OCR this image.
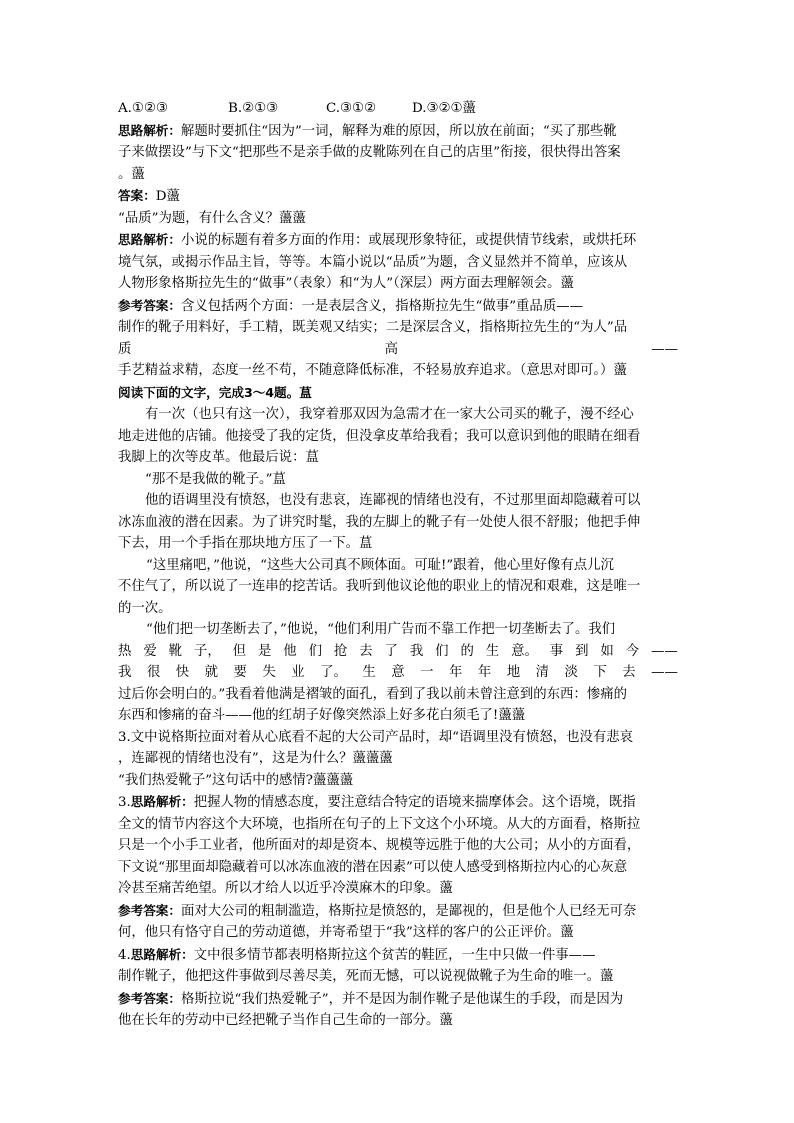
A.①②③	B.②①③	C.③①②	D.③②①蘯

思路解析：解题时要抓住“因为”一词，解释为难的原因，所以放在前面；“买了那些靴

子来做摆设”与下文“把那些不是亲手做的皮靴陈列在自己的店里”衔接，很快得出答案

。蘯

答案：D蘯

“品质”为题，有什么含义？蘯蘯

思路解析：小说的标题有着多方面的作用：或展现形象特征，或提供情节线索，或烘托环

境气氛，或揭示作品主旨，等等。本篇小说以“品质”为题，含义显然并不简单，应该从

人物形象格斯拉先生的“做事”（表象）和“为人”（深层）两方面去理解领会。蘯

参考答案：含义包括两个方面：一是表层含义，指格斯拉先生“做事”重品质——

制作的靴子用料好，手工精，既美观又结实；二是深层含义，指格斯拉先生的“为人”品

质	高	——

手艺精益求精，态度一丝不苟，不随意降低标准，不轻易放弃追求。（意思对即可。）蘯

阅读下面的文字，完成3～4题。蒀

有一次（也只有这一次），我穿着那双因为急需才在一家大公司买的靴子，漫不经心

地走进他的店铺。他接受了我的定货，但没拿皮革给我看；我可以意识到他的眼睛在细看

我脚上的次等皮革。他最后说：蒀

“那不是我做的靴子。”蒀

他的语调里没有愤怒，也没有悲哀，连鄙视的情绪也没有，不过那里面却隐藏着可以

冰冻血液的潜在因素。为了讲究时髦，我的左脚上的靴子有一处使人很不舒服；他把手伸

下去，用一个手指在那块地方压了一下。蒀

“这里痛吧，”他说，“这些大公司真不顾体面。可耻!”跟着，他心里好像有点儿沉

不住气了，所以说了一连串的挖苦话。我听到他议论他的职业上的情况和艰难，这是唯一

的一次。

“他们把一切垄断去了，”他说，“他们利用广告而不靠工作把一切垄断去了。我们

热 爱 靴 子， 但 是 他 们 抢 去 了 我 们 的 生 意。 事 到 如 今 ——

我 很 快 就 要 失 业 了。 生 意 一 年 年 地 清 淡 下 去 ——

过后你会明白的。”我看着他满是褶皱的面孔，看到了我以前未曾注意到的东西：惨痛的

东西和惨痛的奋斗——他的红胡子好像突然添上好多花白须毛了!蘯蘯

3.文中说格斯拉面对着从心底看不起的大公司产品时，却“语调里没有愤怒，也没有悲哀

，连鄙视的情绪也没有”，这是为什么？蘯蘯蘯

“我们热爱靴子”这句话中的感情?蘯蘯蘯

3.思路解析：把握人物的情感态度，要注意结合特定的语境来揣摩体会。这个语境，既指

全文的情节内容这个大环境，也指所在句子的上下文这个小环境。从大的方面看，格斯拉

只是一个小手工业者，他所面对的却是资本、规模等远胜于他的大公司；从小的方面看，

下文说“那里面却隐藏着可以冰冻血液的潜在因素”可以使人感受到格斯拉内心的心灰意

冷甚至痛苦绝望。所以才给人以近乎冷漠麻木的印象。蘯

参考答案：面对大公司的粗制滥造，格斯拉是愤怒的，是鄙视的，但是他个人已经无可奈

何，他只有恪守自己的劳动道德，并寄希望于“我”这样的客户的公正评价。蘯

4.思路解析：文中很多情节都表明格斯拉这个贫苦的鞋匠，一生中只做一件事——

制作靴子，他把这件事做到尽善尽美，死而无憾，可以说视做靴子为生命的唯一。蘯

参考答案：格斯拉说“我们热爱靴子”，并不是因为制作靴子是他谋生的手段，而是因为

他在长年的劳动中已经把靴子当作自己生命的一部分。蘯
